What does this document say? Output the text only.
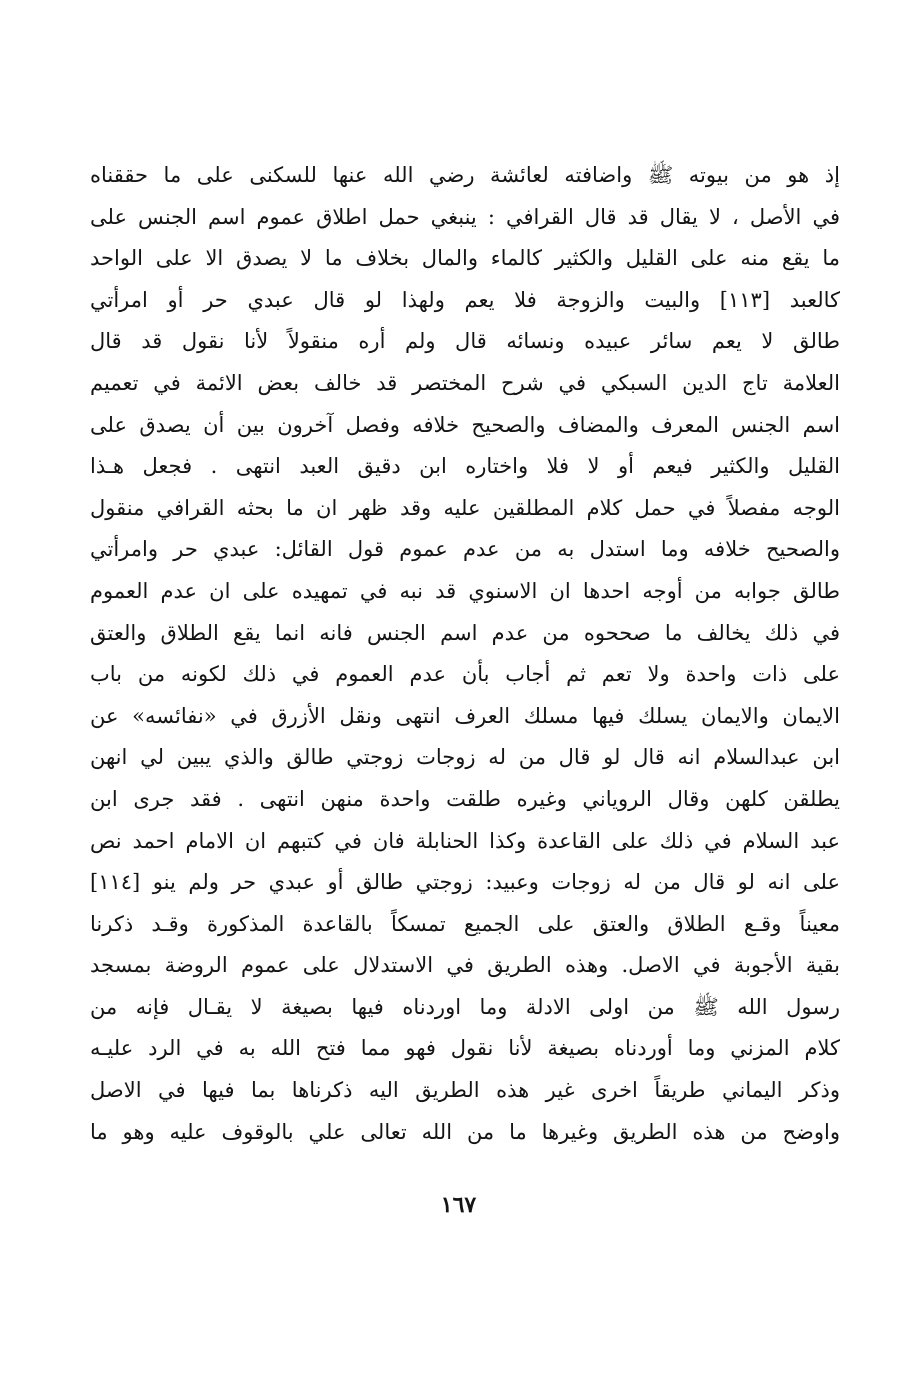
إذ هو من بيوته ﷺ واضافته لعائشة رضي الله عنها للسكنى على ما حققناه
في الأصل ، لا يقال قد قال القرافي : ينبغي حمل اطلاق عموم اسم الجنس على
ما يقع منه على القليل والكثير كالماء والمال بخلاف ما لا يصدق الا على الواحد
كالعبد [١١٣] والبيت والزوجة فلا يعم ولهذا لو قال عبدي حر أو امرأتي
طالق لا يعم سائر عبيده ونسائه قال ولم أره منقولاً لأنا نقول قد قال
العلامة تاج الدين السبكي في شرح المختصر قد خالف بعض الائمة في تعميم
اسم الجنس المعرف والمضاف والصحيح خلافه وفصل آخرون بين أن يصدق على
القليل والكثير فيعم أو لا فلا واختاره ابن دقيق العبد انتهى . فجعل هـذا
الوجه مفصلاً في حمل كلام المطلقين عليه وقد ظهر ان ما بحثه القرافي منقول
والصحيح خلافه وما استدل به من عدم عموم قول القائل: عبدي حر وامرأتي
طالق جوابه من أوجه احدها ان الاسنوي قد نبه في تمهيده على ان عدم العموم
في ذلك يخالف ما صححوه من عدم اسم الجنس فانه انما يقع الطلاق والعتق
على ذات واحدة ولا تعم ثم أجاب بأن عدم العموم في ذلك لكونه من باب
الايمان والايمان يسلك فيها مسلك العرف انتهى ونقل الأزرق في «نفائسه» عن
ابن عبدالسلام انه قال لو قال من له زوجات زوجتي طالق والذي يبين لي انهن
يطلقن كلهن وقال الروياني وغيره طلقت واحدة منهن انتهى . فقد جرى ابن
عبد السلام في ذلك على القاعدة وكذا الحنابلة فان في كتبهم ان الامام احمد نص
على انه لو قال من له زوجات وعبيد: زوجتي طالق أو عبدي حر ولم ينو [١١٤]
معيناً وقـع الطلاق والعتق على الجميع تمسكاً بالقاعدة المذكورة وقـد ذكرنا
بقية الأجوبة في الاصل. وهذه الطريق في الاستدلال على عموم الروضة بمسجد
رسول الله ﷺ من اولى الادلة وما اوردناه فيها بصيغة لا يقـال فإنه من
كلام المزني وما أوردناه بصيغة لأنا نقول فهو مما فتح الله به في الرد عليـه
وذكر اليماني طريقاً اخرى غير هذه الطريق اليه ذكرناها بما فيها في الاصل
واوضح من هذه الطريق وغيرها ما من الله تعالى علي بالوقوف عليه وهو ما
١٦٧
